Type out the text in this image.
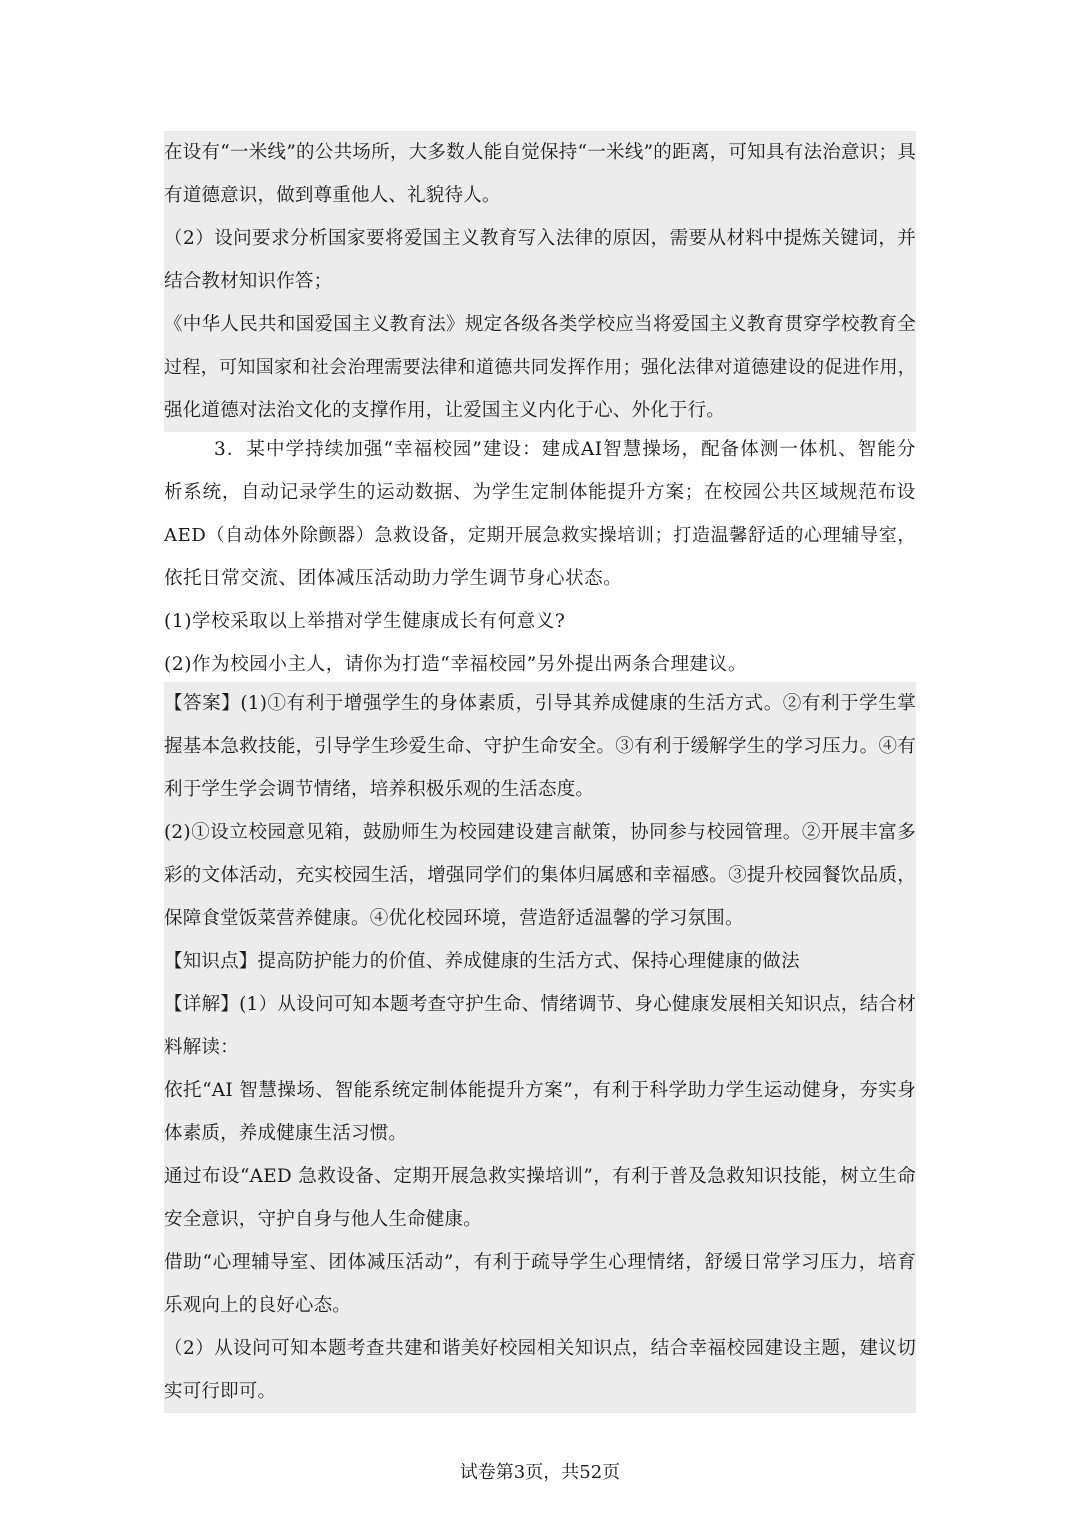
在设有“一米线”的公共场所，大多数人能自觉保持“一米线”的距离，可知具有法治意识；具
有道德意识，做到尊重他人、礼貌待人。
（2）设问要求分析国家要将爱国主义教育写入法律的原因，需要从材料中提炼关键词，并
结合教材知识作答；
《中华人民共和国爱国主义教育法》规定各级各类学校应当将爱国主义教育贯穿学校教育全
过程，可知国家和社会治理需要法律和道德共同发挥作用；强化法律对道德建设的促进作用，
强化道德对法治文化的支撑作用，让爱国主义内化于心、外化于行。
3．某中学持续加强“幸福校园”建设：建成AI智慧操场，配备体测一体机、智能分
析系统，自动记录学生的运动数据、为学生定制体能提升方案；在校园公共区域规范布设
AED（自动体外除颤器）急救设备，定期开展急救实操培训；打造温馨舒适的心理辅导室，
依托日常交流、团体减压活动助力学生调节身心状态。
(1)学校采取以上举措对学生健康成长有何意义?
(2)作为校园小主人，请你为打造“幸福校园”另外提出两条合理建议。
【答案】(1)①有利于增强学生的身体素质，引导其养成健康的生活方式。②有利于学生掌
握基本急救技能，引导学生珍爱生命、守护生命安全。③有利于缓解学生的学习压力。④有
利于学生学会调节情绪，培养积极乐观的生活态度。
(2)①设立校园意见箱，鼓励师生为校园建设建言献策，协同参与校园管理。②开展丰富多
彩的文体活动，充实校园生活，增强同学们的集体归属感和幸福感。③提升校园餐饮品质，
保障食堂饭菜营养健康。④优化校园环境，营造舒适温馨的学习氛围。
【知识点】提高防护能力的价值、养成健康的生活方式、保持心理健康的做法
【详解】(1）从设问可知本题考查守护生命、情绪调节、身心健康发展相关知识点，结合材
料解读：
依托“AI 智慧操场、智能系统定制体能提升方案”，有利于科学助力学生运动健身，夯实身
体素质，养成健康生活习惯。
通过布设“AED 急救设备、定期开展急救实操培训”，有利于普及急救知识技能，树立生命
安全意识，守护自身与他人生命健康。
借助“心理辅导室、团体减压活动”，有利于疏导学生心理情绪，舒缓日常学习压力，培育
乐观向上的良好心态。
（2）从设问可知本题考查共建和谐美好校园相关知识点，结合幸福校园建设主题，建议切
实可行即可。
试卷第3页，共52页
